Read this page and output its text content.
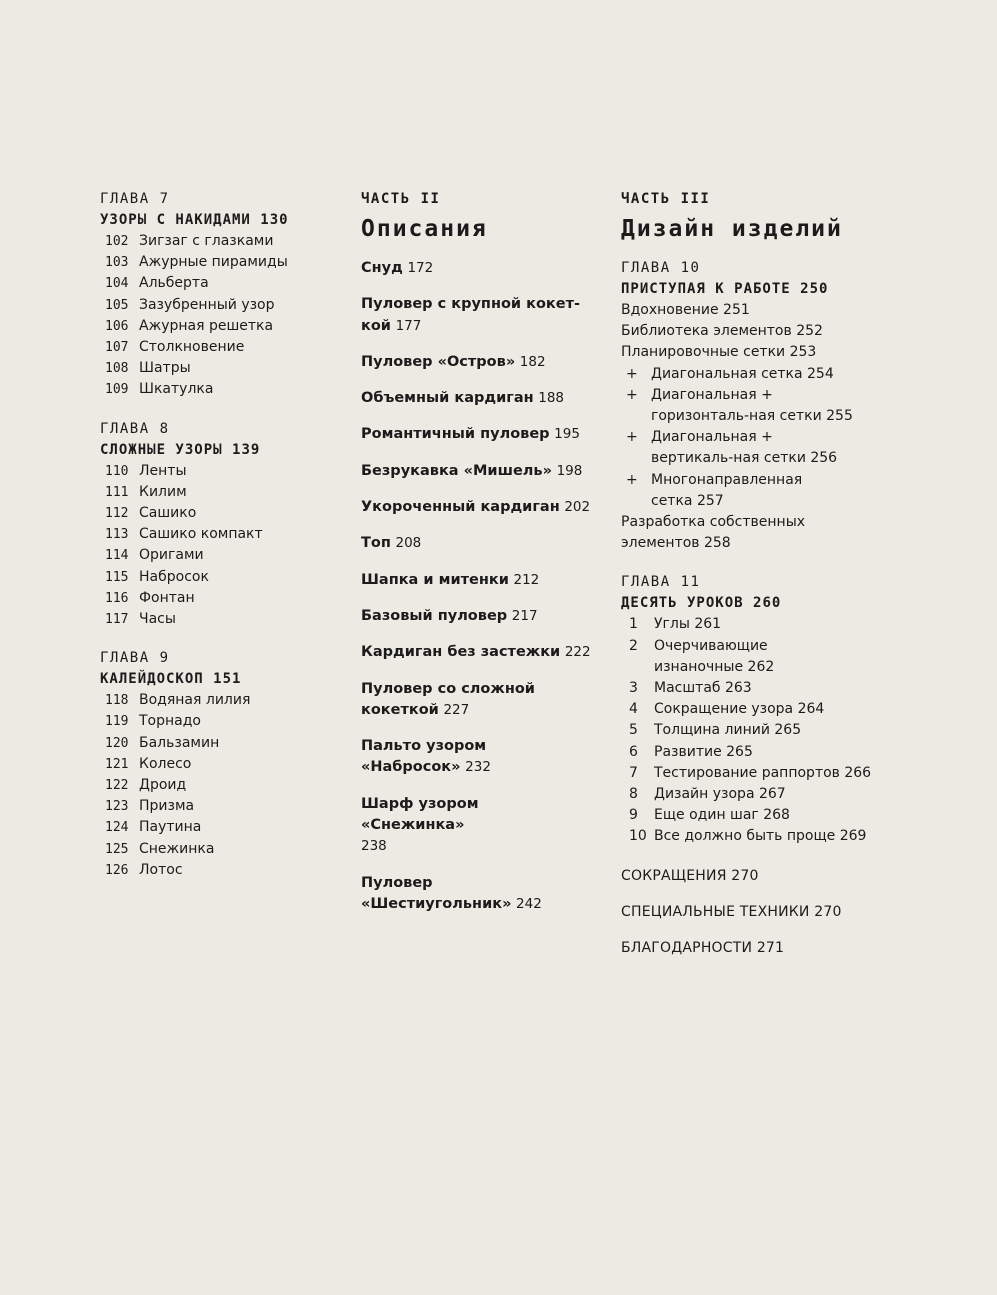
ГЛАВА 7
УЗОРЫ С НАКИДАМИ 130
102 Зигзаг с глазками
103 Ажурные пирамиды
104 Альберта
105 Зазубренный узор
106 Ажурная решетка
107 Столкновение
108 Шатры
109 Шкатулка
ГЛАВА 8
СЛОЖНЫЕ УЗОРЫ 139
110 Ленты
111 Килим
112 Сашико
113 Сашико компакт
114 Оригами
115 Набросок
116 Фонтан
117 Часы
ГЛАВА 9
КАЛЕЙДОСКОП 151
118 Водяная лилия
119 Торнадо
120 Бальзамин
121 Колесо
122 Дроид
123 Призма
124 Паутина
125 Снежинка
126 Лотос
ЧАСТЬ II
Описания
Снуд 172
Пуловер с крупной кокет-кой 177
Пуловер «Остров» 182
Объемный кардиган 188
Романтичный пуловер 195
Безрукавка «Мишель» 198
Укороченный кардиган 202
Топ 208
Шапка и митенки 212
Базовый пуловер 217
Кардиган без застежки 222
Пуловер со сложной кокеткой 227
Пальто узором «Набросок» 232
Шарф узором «Снежинка» 238
Пуловер «Шестиугольник» 242
ЧАСТЬ III
Дизайн изделий
ГЛАВА 10
ПРИСТУПАЯ К РАБОТЕ 250
Вдохновение 251
Библиотека элементов 252
Планировочные сетки 253
+ Диагональная сетка 254
+ Диагональная + горизонталь-ная сетки 255
+ Диагональная + вертикаль-ная сетки 256
+ Многонаправленная сетка 257
Разработка собственных элементов 258
ГЛАВА 11
ДЕСЯТЬ УРОКОВ 260
1	Углы 261
2	Очерчивающие изнаночные 262
3	Масштаб 263
4	Сокращение узора 264
5	Толщина линий 265
6	Развитие 265
7	Тестирование раппортов 266
8	Дизайн узора 267
9	Еще один шаг 268
10 Все должно быть проще 269
СОКРАЩЕНИЯ 270
СПЕЦИАЛЬНЫЕ ТЕХНИКИ 270
БЛАГОДАРНОСТИ 271
